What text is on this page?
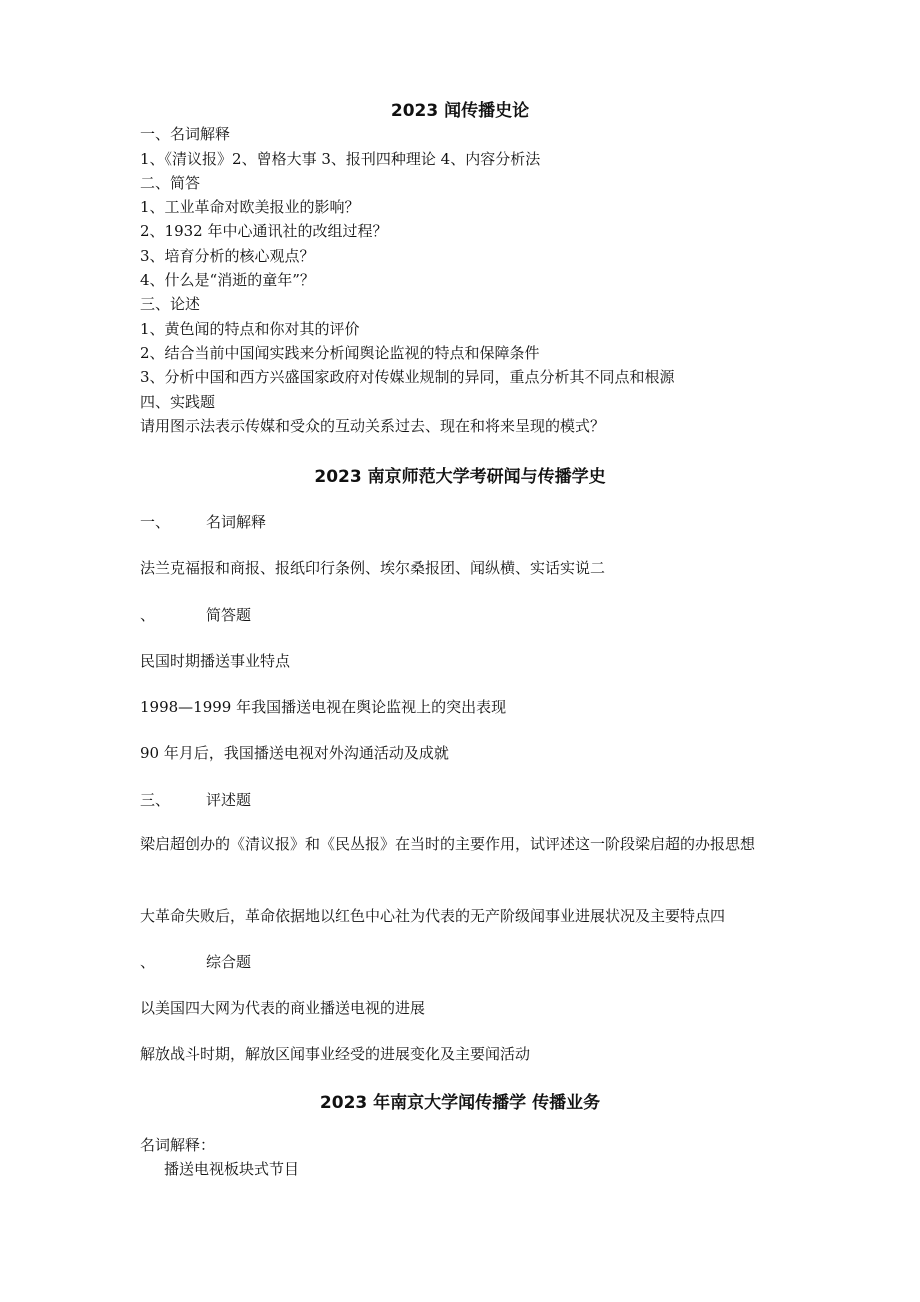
2023 闻传播史论
一、名词解释
1、《清议报》2、曾格大事 3、报刊四种理论 4、内容分析法
二、简答
1、工业革命对欧美报业的影响？
2、1932 年中心通讯社的改组过程？
3、培育分析的核心观点？
4、什么是“消逝的童年”？
三、论述
1、黄色闻的特点和你对其的评价
2、结合当前中国闻实践来分析闻舆论监视的特点和保障条件
3、分析中国和西方兴盛国家政府对传媒业规制的异同，重点分析其不同点和根源
四、实践题
请用图示法表示传媒和受众的互动关系过去、现在和将来呈现的模式？
2023 南京师范大学考研闻与传播学史
一、 名词解释
法兰克福报和商报、报纸印行条例、埃尔桑报团、闻纵横、实话实说二
、	简答题
民国时期播送事业特点
1998—1999 年我国播送电视在舆论监视上的突出表现
90 年月后，我国播送电视对外沟通活动及成就
三、 评述题
梁启超创办的《清议报》和《民丛报》在当时的主要作用，试评述这一阶段梁启超的办报思想
大革命失败后，革命依据地以红色中心社为代表的无产阶级闻事业进展状况及主要特点四
、	综合题
以美国四大网为代表的商业播送电视的进展
解放战斗时期，解放区闻事业经受的进展变化及主要闻活动
2023 年南京大学闻传播学 传播业务
名词解释：
播送电视板块式节目
